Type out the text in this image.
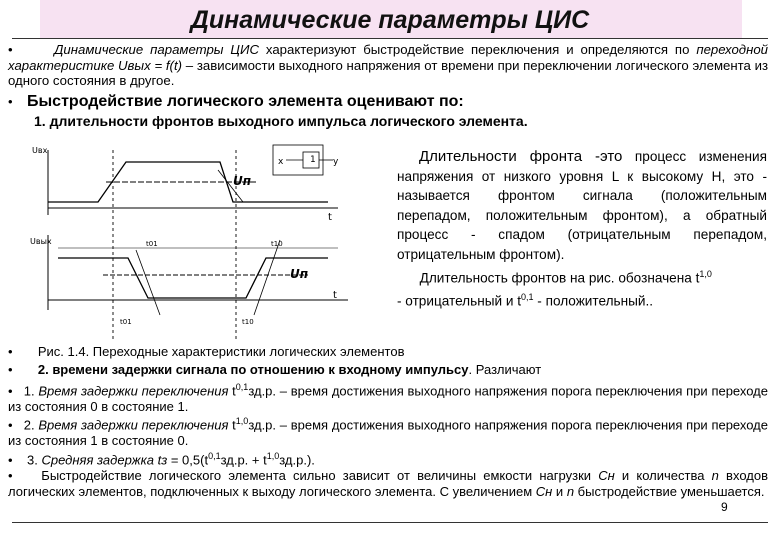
Динамические параметры ЦИС
•	Динамические параметры ЦИС характеризуют быстродействие переключения и определяются по переходной характеристике Uвых = f(t) – зависимости выходного напряжения от времени при переключении логического элемента из одного состояния в другое.
• Быстродействие логического элемента оценивают по:
1. длительности фронтов выходного импульса логического элемента.
Uвх
t
Uп
x	1 y
Uвых
t
Uп
t01	t10
t01	t10
Длительности фронта -это процесс изменения напряжения от низкого уровня L к высокому Н, это - называется фронтом сигнала (положительным перепадом, положительным фронтом), а обратный процесс - спадом (отрицательным перепадом, отрицательным фронтом).
Длительность фронтов на рис. обозначена $t^{1,0}$
- отрицательный и $t^{0,1}$ - положительный..
• Рис. 1.4. Переходные характеристики логических элементов
• 2. времени задержки сигнала по отношению к входному импульсу. Различают
• 1. Время задержки переключения $t^{0,1}зд.р$. – время достижения выходного напряжения порога переключения при переходе из состояния 0 в состояние 1.
• 2. Время задержки переключения $t^{1,0}зд.р$. – время достижения выходного напряжения порога переключения при переходе из состояния 1 в состояние 0.
• 3. Средняя задержка tз = $0,5(t^{0,1}зд.р$. + $t^{1,0}зд.р$.).
• Быстродействие логического элемента сильно зависит от величины емкости нагрузки Сн и количества n входов логических элементов, подключенных к выходу логического элемента. С увеличением Сн и n быстродействие уменьшается.
9
